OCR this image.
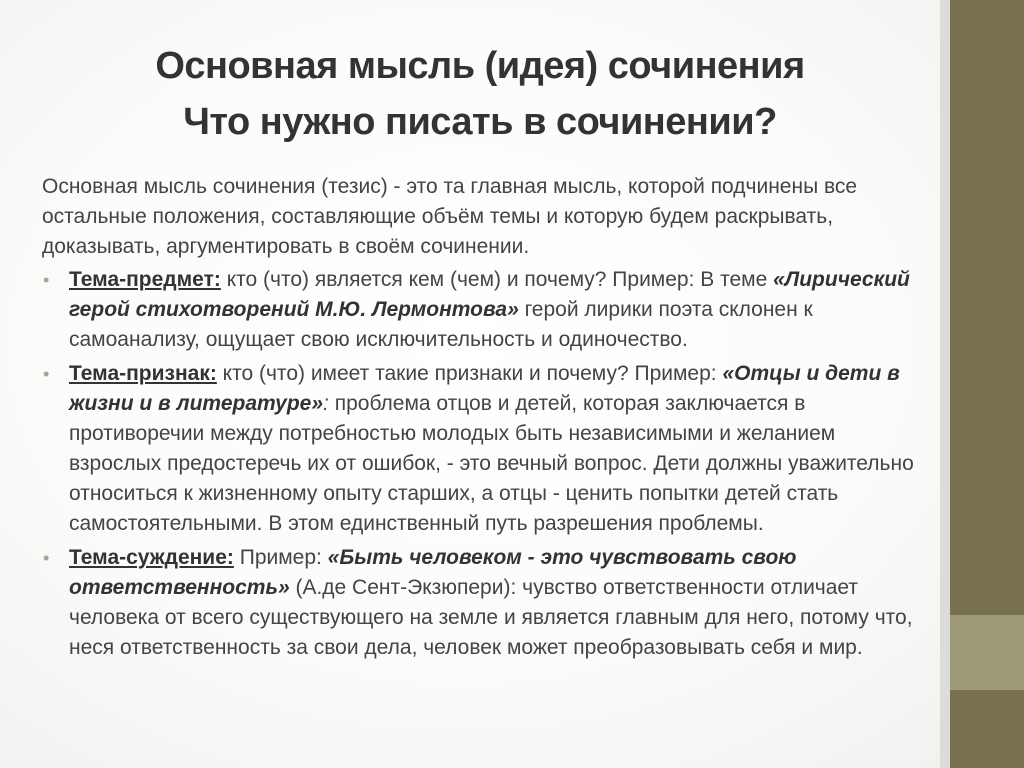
Основная мысль (идея) сочинения
Что нужно писать в сочинении?

Основная мысль сочинения (тезис) - это та главная мысль, которой подчинены все остальные положения, составляющие объём темы и которую будем раскрывать, доказывать, аргументировать в своём сочинении.

• Тема-предмет: кто (что) является кем (чем) и почему? Пример: В теме «Лирический герой стихотворений М.Ю. Лермонтова» герой лирики поэта склонен к самоанализу, ощущает свою исключительность и одиночество.
• Тема-признак: кто (что) имеет такие признаки и почему? Пример: «Отцы и дети в жизни и в литературе»: проблема отцов и детей, которая заключается в противоречии между потребностью молодых быть независимыми и желанием взрослых предостеречь их от ошибок, - это вечный вопрос. Дети должны уважительно относиться к жизненному опыту старших, а отцы - ценить попытки детей стать самостоятельными. В этом единственный путь разрешения проблемы.
• Тема-суждение: Пример: «Быть человеком - это чувствовать свою ответственность» (А.де Сент-Экзюпери): чувство ответственности отличает человека от всего существующего на земле и является главным для него, потому что, неся ответственность за свои дела, человек может преобразовывать себя и мир.
